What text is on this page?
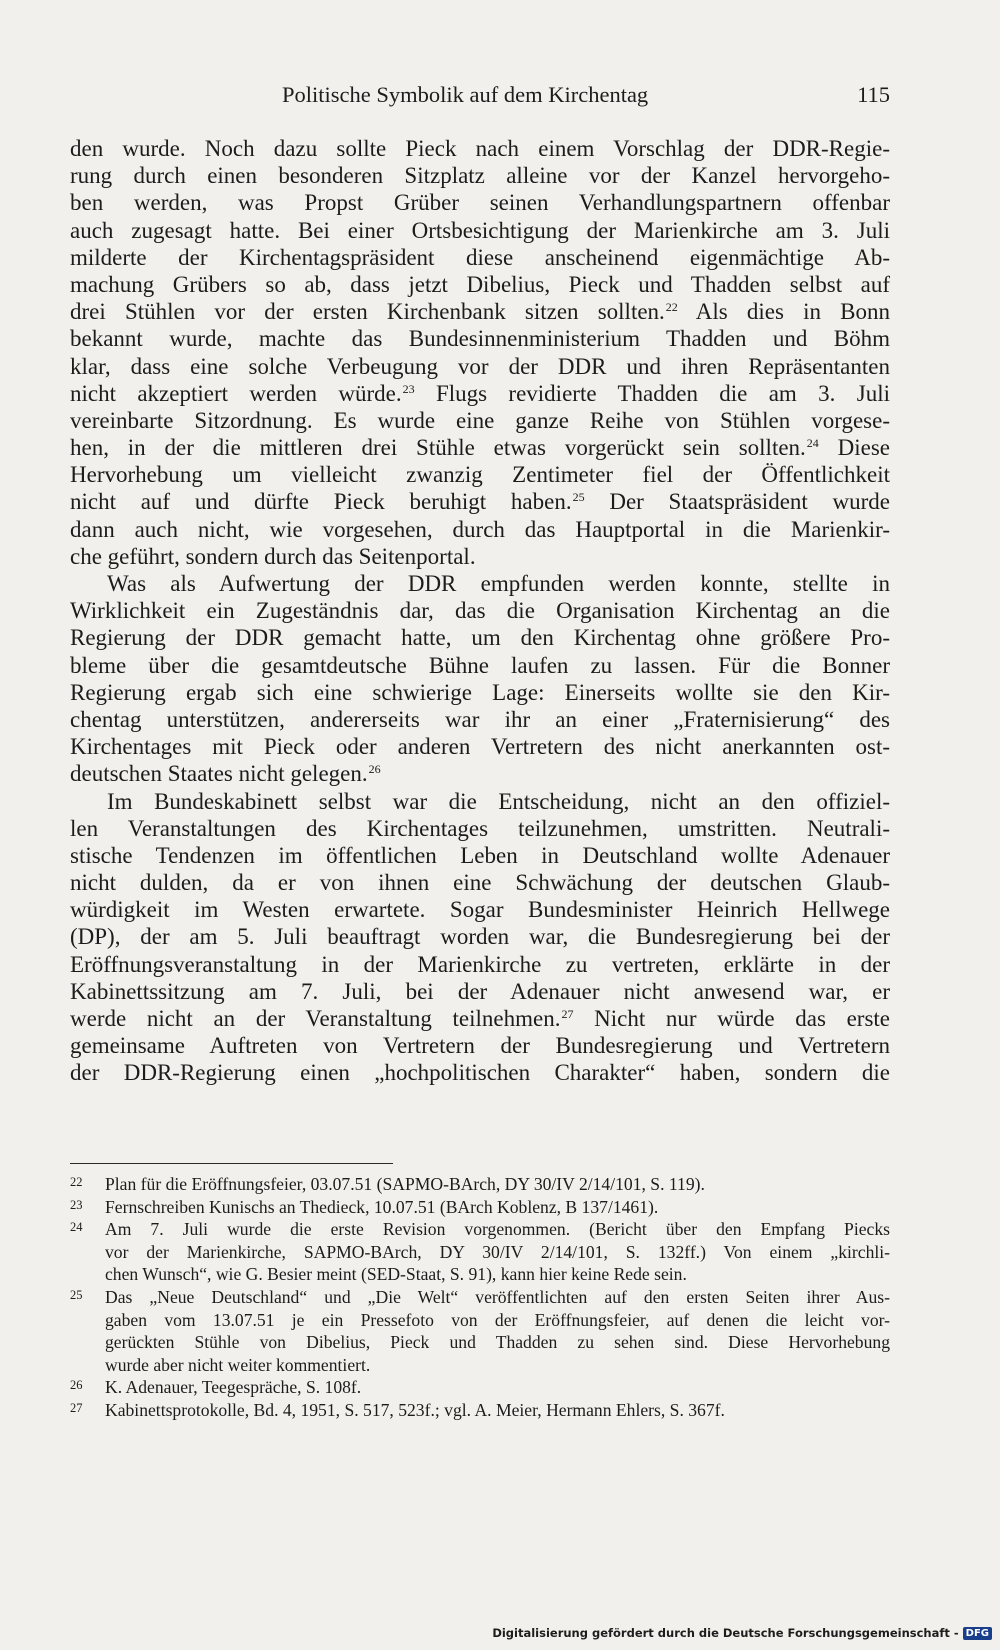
Politische Symbolik auf dem Kirchentag	115
den wurde. Noch dazu sollte Pieck nach einem Vorschlag der DDR-Regie-
rung durch einen besonderen Sitzplatz alleine vor der Kanzel hervorgeho-
ben werden, was Propst Grüber seinen Verhandlungspartnern offenbar
auch zugesagt hatte. Bei einer Ortsbesichtigung der Marienkirche am 3. Juli
milderte der Kirchentagspräsident diese anscheinend eigenmächtige Ab-
machung Grübers so ab, dass jetzt Dibelius, Pieck und Thadden selbst auf
drei Stühlen vor der ersten Kirchenbank sitzen sollten.$^{22}$ Als dies in Bonn
bekannt wurde, machte das Bundesinnenministerium Thadden und Böhm
klar, dass eine solche Verbeugung vor der DDR und ihren Repräsentanten
nicht akzeptiert werden würde.$^{23}$ Flugs revidierte Thadden die am 3. Juli
vereinbarte Sitzordnung. Es wurde eine ganze Reihe von Stühlen vorgese-
hen, in der die mittleren drei Stühle etwas vorgerückt sein sollten.$^{24}$ Diese
Hervorhebung um vielleicht zwanzig Zentimeter fiel der Öffentlichkeit
nicht auf und dürfte Pieck beruhigt haben.$^{25}$ Der Staatspräsident wurde
dann auch nicht, wie vorgesehen, durch das Hauptportal in die Marienkir-
che geführt, sondern durch das Seitenportal.
Was als Aufwertung der DDR empfunden werden konnte, stellte in
Wirklichkeit ein Zugeständnis dar, das die Organisation Kirchentag an die
Regierung der DDR gemacht hatte, um den Kirchentag ohne größere Pro-
bleme über die gesamtdeutsche Bühne laufen zu lassen. Für die Bonner
Regierung ergab sich eine schwierige Lage: Einerseits wollte sie den Kir-
chentag unterstützen, andererseits war ihr an einer „Fraternisierung“ des
Kirchentages mit Pieck oder anderen Vertretern des nicht anerkannten ost-
deutschen Staates nicht gelegen.$^{26}$
Im Bundeskabinett selbst war die Entscheidung, nicht an den offiziel-
len Veranstaltungen des Kirchentages teilzunehmen, umstritten. Neutrali-
stische Tendenzen im öffentlichen Leben in Deutschland wollte Adenauer
nicht dulden, da er von ihnen eine Schwächung der deutschen Glaub-
würdigkeit im Westen erwartete. Sogar Bundesminister Heinrich Hellwege
(DP), der am 5. Juli beauftragt worden war, die Bundesregierung bei der
Eröffnungsveranstaltung in der Marienkirche zu vertreten, erklärte in der
Kabinettssitzung am 7. Juli, bei der Adenauer nicht anwesend war, er
werde nicht an der Veranstaltung teilnehmen.$^{27}$ Nicht nur würde das erste
gemeinsame Auftreten von Vertretern der Bundesregierung und Vertretern
der DDR-Regierung einen „hochpolitischen Charakter“ haben, sondern die
22 Plan für die Eröffnungsfeier, 03.07.51 (SAPMO-BArch, DY 30/IV 2/14/101, S. 119).
23 Fernschreiben Kunischs an Thedieck, 10.07.51 (BArch Koblenz, B 137/1461).
24 Am 7. Juli wurde die erste Revision vorgenommen. (Bericht über den Empfang Piecks
vor der Marienkirche, SAPMO-BArch, DY 30/IV 2/14/101, S. 132ff.) Von einem „kirchli-
chen Wunsch“, wie G. Besier meint (SED-Staat, S. 91), kann hier keine Rede sein.
25 Das „Neue Deutschland“ und „Die Welt“ veröffentlichten auf den ersten Seiten ihrer Aus-
gaben vom 13.07.51 je ein Pressefoto von der Eröffnungsfeier, auf denen die leicht vor-
gerückten Stühle von Dibelius, Pieck und Thadden zu sehen sind. Diese Hervorhebung
wurde aber nicht weiter kommentiert.
26 K. Adenauer, Teegespräche, S. 108f.
27 Kabinettsprotokolle, Bd. 4, 1951, S. 517, 523f.; vgl. A. Meier, Hermann Ehlers, S. 367f.
Digitalisierung gefördert durch die Deutsche Forschungsgemeinschaft - DFG
